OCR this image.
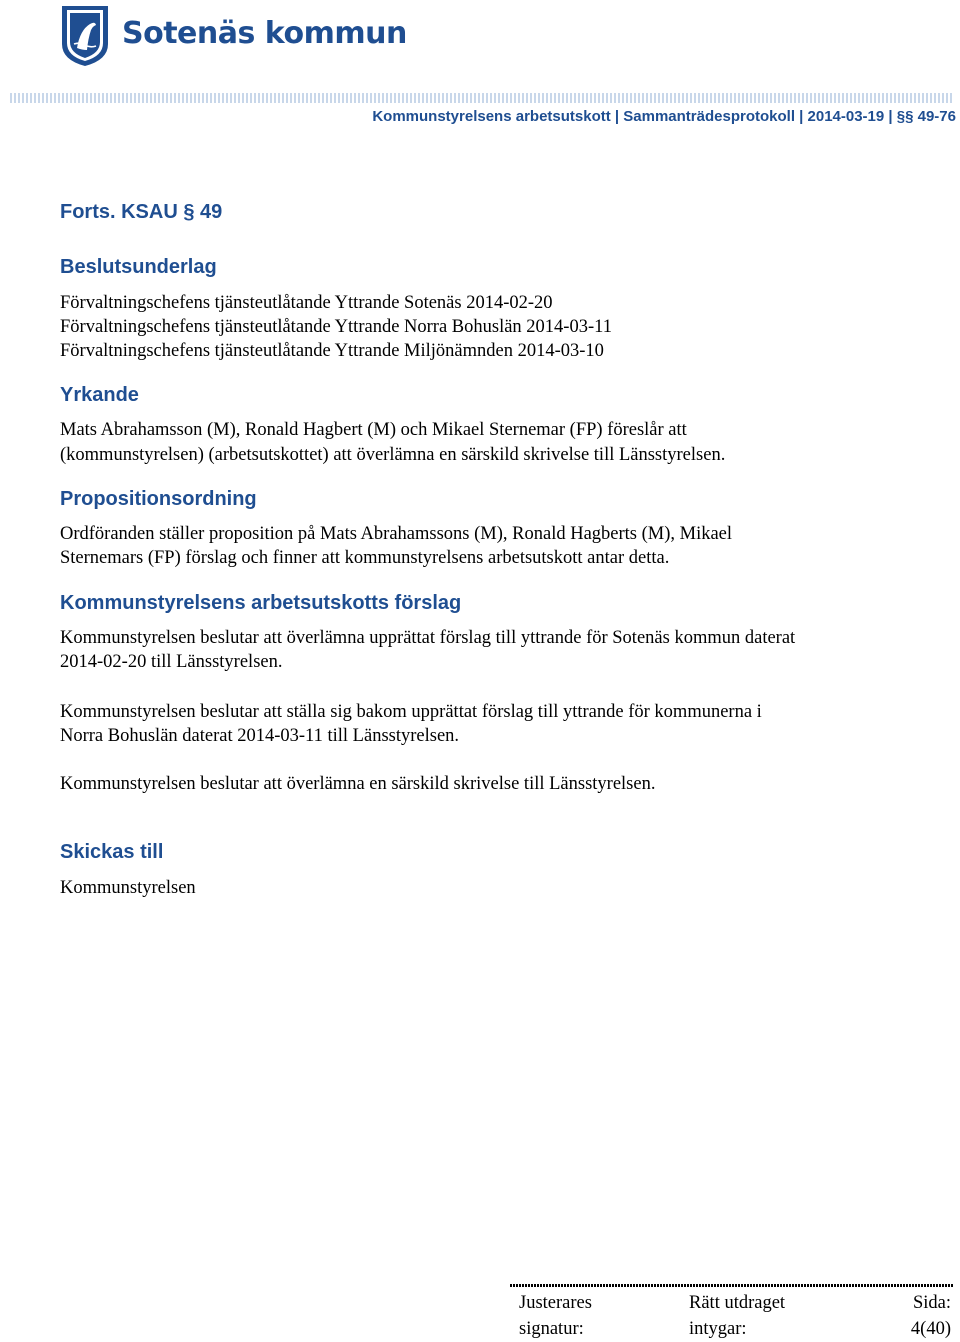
Sotenäs kommun
Kommunstyrelsens arbetsutskott | Sammanträdesprotokoll | 2014-03-19 | §§ 49-76
Forts. KSAU § 49
Beslutsunderlag
Förvaltningschefens tjänsteutlåtande Yttrande Sotenäs 2014-02-20
Förvaltningschefens tjänsteutlåtande Yttrande Norra Bohuslän 2014-03-11
Förvaltningschefens tjänsteutlåtande Yttrande Miljönämnden 2014-03-10
Yrkande
Mats Abrahamsson (M), Ronald Hagbert (M) och Mikael Sternemar (FP) föreslår att
(kommunstyrelsen) (arbetsutskottet) att överlämna en särskild skrivelse till Länsstyrelsen.
Propositionsordning
Ordföranden ställer proposition på Mats Abrahamssons (M), Ronald Hagberts (M), Mikael
Sternemars (FP) förslag och finner att kommunstyrelsens arbetsutskott antar detta.
Kommunstyrelsens arbetsutskotts förslag
Kommunstyrelsen beslutar att överlämna upprättat förslag till yttrande för Sotenäs kommun daterat
2014-02-20 till Länsstyrelsen.
Kommunstyrelsen beslutar att ställa sig bakom upprättat förslag till yttrande för kommunerna i
Norra Bohuslän daterat 2014-03-11 till Länsstyrelsen.
Kommunstyrelsen beslutar att överlämna en särskild skrivelse till Länsstyrelsen.
Skickas till
Kommunstyrelsen
Justerares
signatur:
Rätt utdraget
intygar:
Sida:
4(40)
